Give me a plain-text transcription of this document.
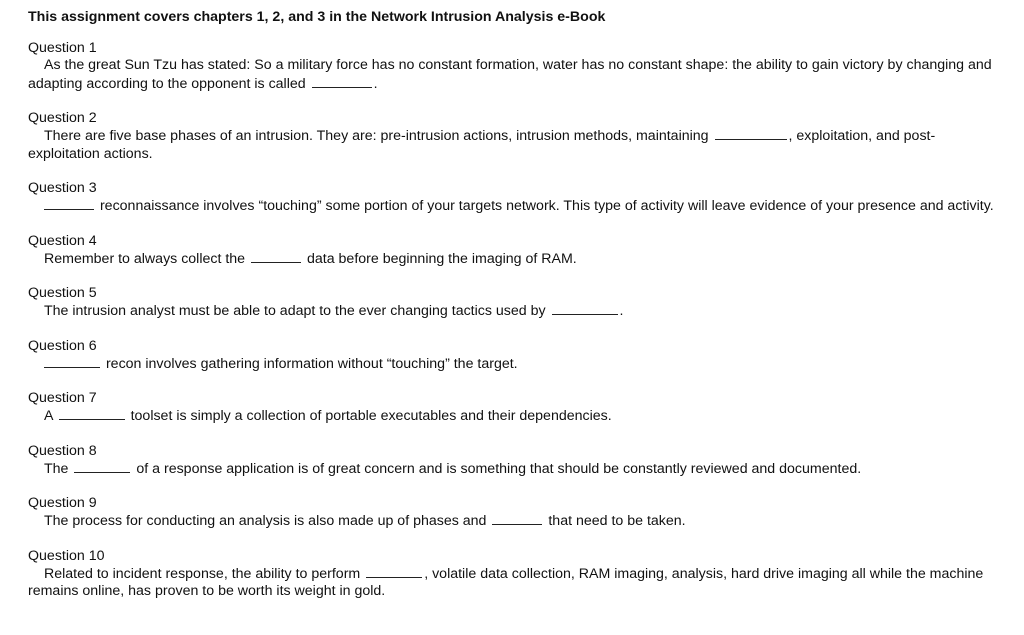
This assignment covers chapters 1, 2, and 3 in the Network Intrusion Analysis e-Book
Question 1
As the great Sun Tzu has stated: So a military force has no constant formation, water has no constant shape: the ability to gain victory by changing and adapting according to the opponent is called	.
Question 2
There are five base phases of an intrusion. They are: pre-intrusion actions, intrusion methods, maintaining	, exploitation, and post-exploitation actions.
Question 3
reconnaissance involves “touching” some portion of your targets network. This type of activity will leave evidence of your presence and activity.
Question 4
Remember to always collect the	data before beginning the imaging of RAM.
Question 5
The intrusion analyst must be able to adapt to the ever changing tactics used by	.
Question 6
recon involves gathering information without “touching” the target.
Question 7
A	toolset is simply a collection of portable executables and their dependencies.
Question 8
The	of a response application is of great concern and is something that should be constantly reviewed and documented.
Question 9
The process for conducting an analysis is also made up of phases and	that need to be taken.
Question 10
Related to incident response, the ability to perform	, volatile data collection, RAM imaging, analysis, hard drive imaging all while the machine remains online, has proven to be worth its weight in gold.
